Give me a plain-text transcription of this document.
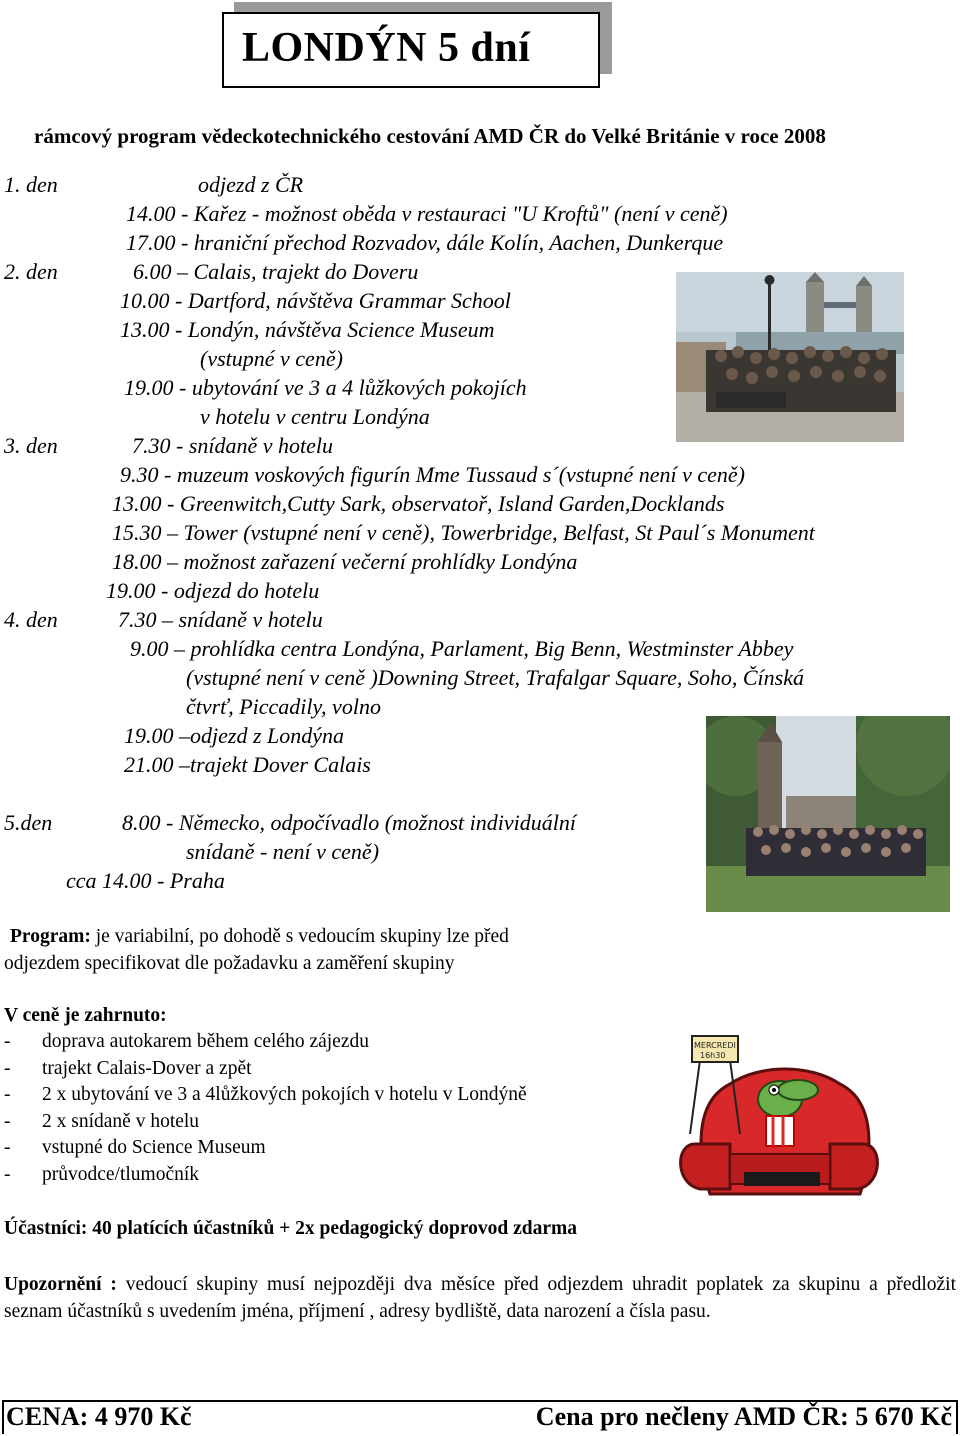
LONDÝN 5 dní
rámcový program vědeckotechnického cestování AMD ČR do Velké Británie v roce 2008
1. den	odjezd z ČR
14.00 - Kařez - možnost oběda v restauraci "U Kroftů" (není v ceně)
17.00 - hraniční přechod Rozvadov, dále Kolín, Aachen, Dunkerque
2. den	6.00 – Calais, trajekt do Doveru
10.00 - Dartford, návštěva Grammar School
13.00 - Londýn, návštěva Science Museum
(vstupné v ceně)
19.00 - ubytování ve 3 a 4 lůžkových pokojích
v hotelu v centru Londýna
3. den	7.30 - snídaně v hotelu
9.30 - muzeum voskových figurín Mme Tussaud s´(vstupné není v ceně)
13.00 - Greenwitch,Cutty Sark, observatoř, Island Garden,Docklands
15.30 – Tower (vstupné není v ceně), Towerbridge, Belfast, St Paul´s Monument
18.00 – možnost zařazení večerní prohlídky Londýna
19.00 - odjezd do hotelu
4. den	7.30 – snídaně v hotelu
9.00 – prohlídka centra Londýna, Parlament, Big Benn, Westminster Abbey
(vstupné není v ceně )Downing Street, Trafalgar Square, Soho, Čínská
čtvrť, Piccadily, volno
19.00 –odjezd z Londýna
21.00 –trajekt Dover Calais
5.den	8.00 - Německo, odpočívadlo (možnost individuální
snídaně - není v ceně)
cca 14.00 - Praha
Program: je variabilní, po dohodě s vedoucím skupiny lze před
odjezdem specifikovat dle požadavku a zaměření skupiny
V ceně je zahrnuto:
- doprava autokarem během celého zájezdu
- trajekt Calais-Dover a zpět
- 2 x ubytování ve 3 a 4lůžkových pokojích v hotelu v Londýně
- 2 x snídaně v hotelu
- vstupné do Science Museum
- průvodce/tlumočník
MERCREDI
16h30
Účastníci: 40 platících účastníků + 2x pedagogický doprovod zdarma
Upozornění : vedoucí skupiny musí nejpozději dva měsíce před odjezdem uhradit poplatek za skupinu a předložit seznam účastníků s uvedením jména, příjmení , adresy bydliště, data narození a čísla pasu.
CENA: 4 970 Kč	Cena pro nečleny AMD ČR: 5 670 Kč
